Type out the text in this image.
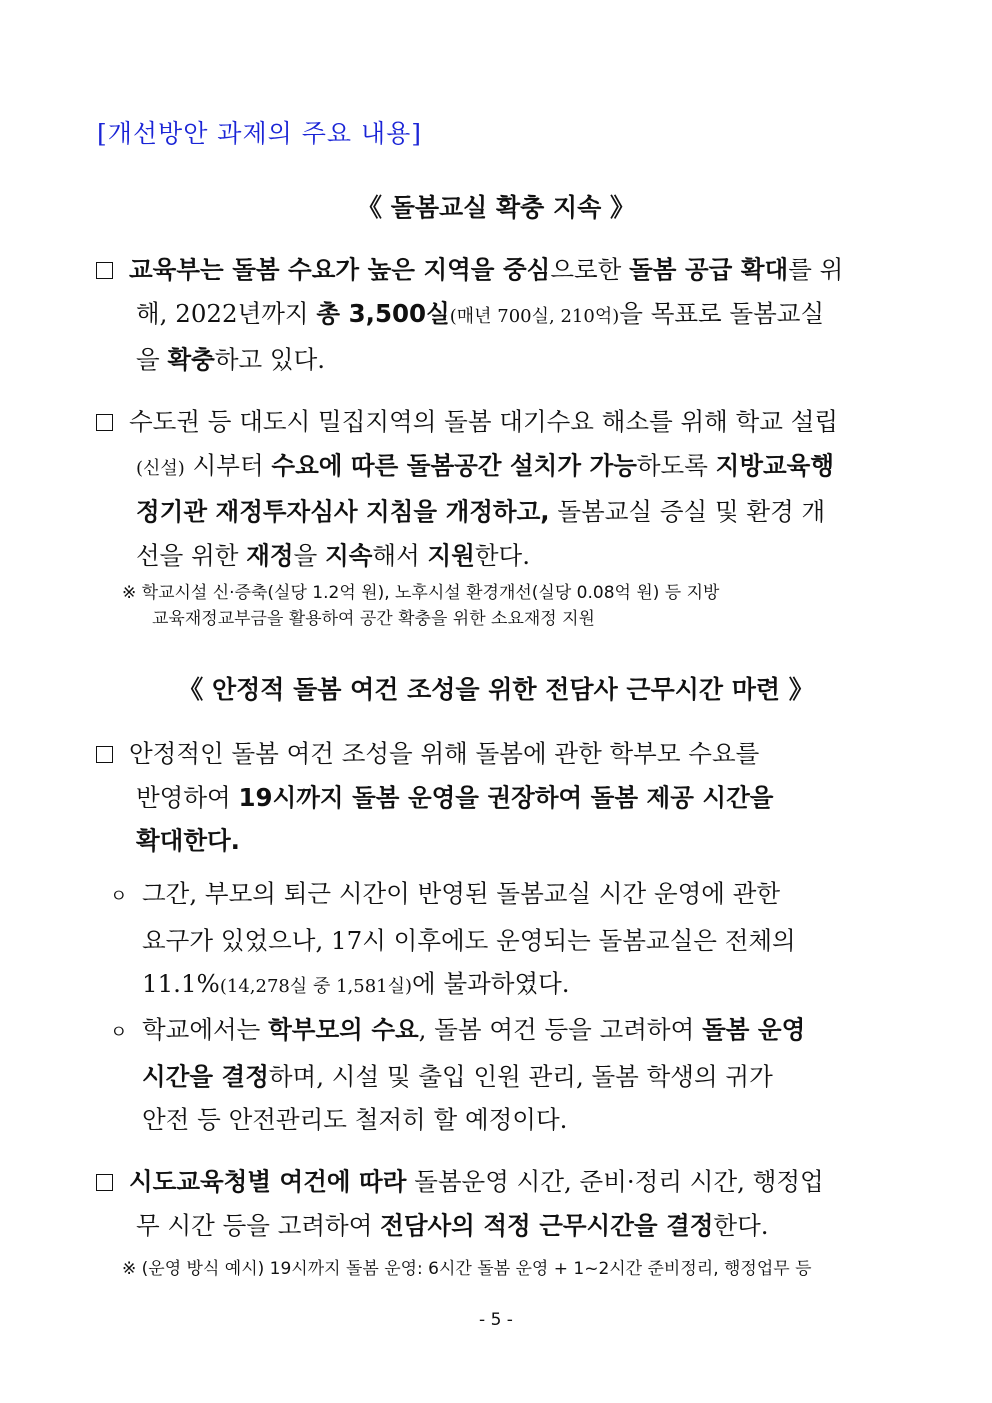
[개선방안 과제의 주요 내용]
《 돌봄교실 확충 지속 》
교육부는 돌봄 수요가 높은 지역을 중심으로한 돌봄 공급 확대를 위
해, 2022년까지 총 3,500실(매년 700실, 210억)을 목표로 돌봄교실
을 확충하고 있다.
수도권 등 대도시 밀집지역의 돌봄 대기수요 해소를 위해 학교 설립
(신설) 시부터 수요에 따른 돌봄공간 설치가 가능하도록 지방교육행
정기관 재정투자심사 지침을 개정하고, 돌봄교실 증실 및 환경 개
선을 위한 재정을 지속해서 지원한다.
※ 학교시설 신·증축(실당 1.2억 원), 노후시설 환경개선(실당 0.08억 원) 등 지방
교육재정교부금을 활용하여 공간 확충을 위한 소요재정 지원
《 안정적 돌봄 여건 조성을 위한 전담사 근무시간 마련 》
안정적인 돌봄 여건 조성을 위해 돌봄에 관한 학부모 수요를
반영하여 19시까지 돌봄 운영을 권장하여 돌봄 제공 시간을
확대한다.
ㅇ 그간, 부모의 퇴근 시간이 반영된 돌봄교실 시간 운영에 관한
요구가 있었으나, 17시 이후에도 운영되는 돌봄교실은 전체의
11.1%(14,278실 중 1,581실)에 불과하였다.
ㅇ 학교에서는 학부모의 수요, 돌봄 여건 등을 고려하여 돌봄 운영
시간을 결정하며, 시설 및 출입 인원 관리, 돌봄 학생의 귀가
안전 등 안전관리도 철저히 할 예정이다.
시도교육청별 여건에 따라 돌봄운영 시간, 준비·정리 시간, 행정업
무 시간 등을 고려하여 전담사의 적정 근무시간을 결정한다.
※ (운영 방식 예시) 19시까지 돌봄 운영: 6시간 돌봄 운영 + 1~2시간 준비정리, 행정업무 등
- 5 -
